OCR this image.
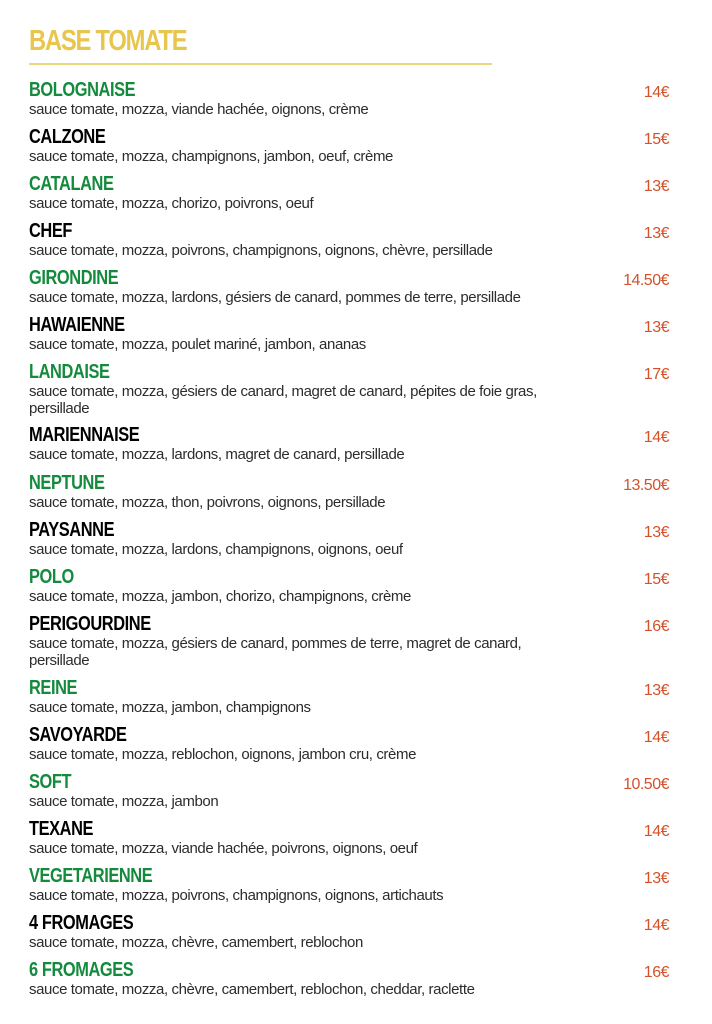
BASE TOMATE
BOLOGNAISE
sauce tomate, mozza, viande hachée, oignons, crème
14€
CALZONE
sauce tomate, mozza, champignons, jambon, oeuf, crème
15€
CATALANE
sauce tomate, mozza, chorizo, poivrons, oeuf
13€
CHEF
sauce tomate, mozza, poivrons, champignons, oignons, chèvre, persillade
13€
GIRONDINE
sauce tomate, mozza, lardons, gésiers de canard, pommes de terre, persillade
14.50€
HAWAIENNE
sauce tomate, mozza, poulet mariné, jambon, ananas
13€
LANDAISE
sauce tomate, mozza, gésiers de canard, magret de canard, pépites de foie gras, persillade
17€
MARIENNAISE
sauce tomate, mozza, lardons, magret de canard, persillade
14€
NEPTUNE
sauce tomate, mozza, thon, poivrons, oignons, persillade
13.50€
PAYSANNE
sauce tomate, mozza, lardons, champignons, oignons, oeuf
13€
POLO
sauce tomate, mozza, jambon, chorizo, champignons, crème
15€
PERIGOURDINE
sauce tomate, mozza, gésiers de canard, pommes de terre, magret de canard, persillade
16€
REINE
sauce tomate, mozza, jambon, champignons
13€
SAVOYARDE
sauce tomate, mozza, reblochon, oignons, jambon cru, crème
14€
SOFT
sauce tomate, mozza, jambon
10.50€
TEXANE
sauce tomate, mozza, viande hachée, poivrons, oignons, oeuf
14€
VEGETARIENNE
sauce tomate, mozza, poivrons, champignons, oignons, artichauts
13€
4 FROMAGES
sauce tomate, mozza, chèvre, camembert, reblochon
14€
6 FROMAGES
sauce tomate, mozza, chèvre, camembert, reblochon, cheddar, raclette
16€
